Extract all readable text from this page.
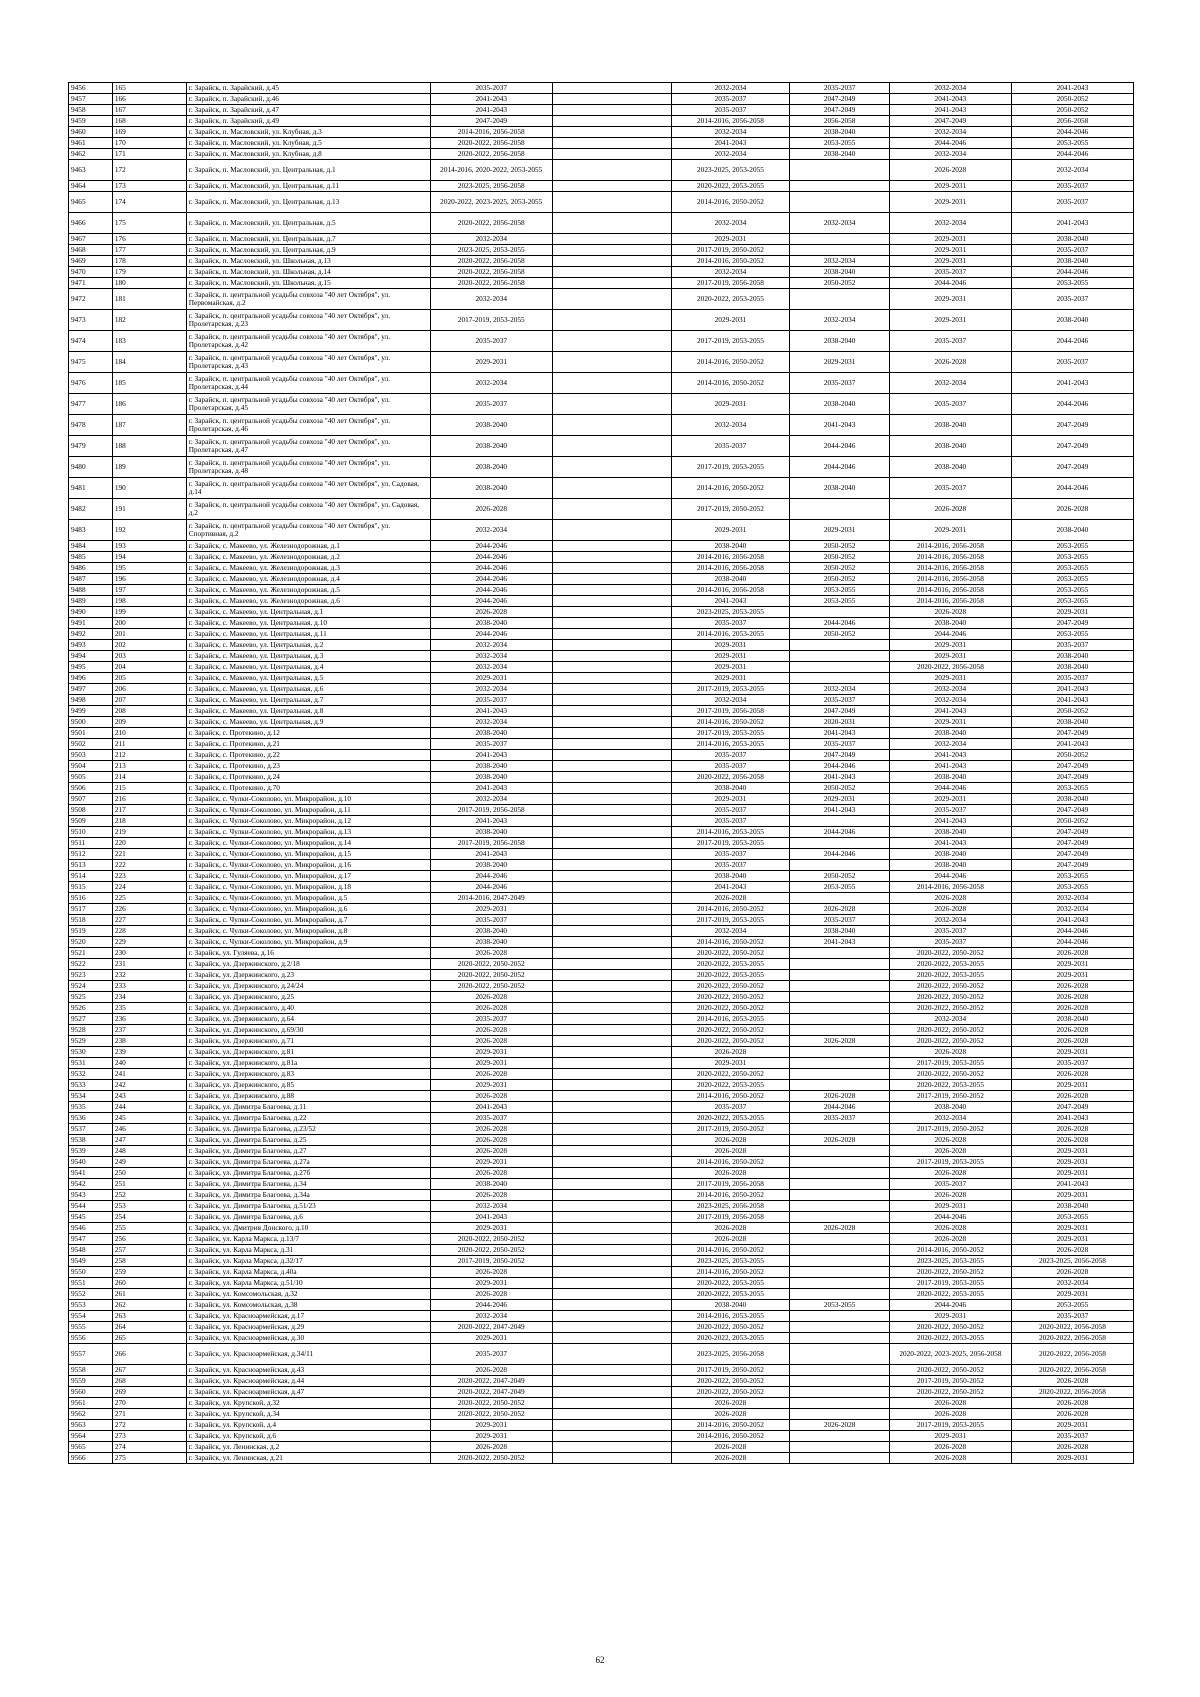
9456	165	г. Зарайск, п. Зарайский, д.45	2035-2037		2032-2034	2035-2037	2032-2034	2041-2043
9457	166	г. Зарайск, п. Зарайский, д.46	2041-2043		2035-2037	2047-2049	2041-2043	2050-2052
9458	167	г. Зарайск, п. Зарайский, д.47	2041-2043		2035-2037	2047-2049	2041-2043	2050-2052
9459	168	г. Зарайск, п. Зарайский, д.49	2047-2049		2014-2016, 2056-2058	2056-2058	2047-2049	2056-2058
9460	169	г. Зарайск, п. Масловский, ул. Клубная, д.3	2014-2016, 2056-2058		2032-2034	2038-2040	2032-2034	2044-2046
9461	170	г. Зарайск, п. Масловский, ул. Клубная, д.5	2020-2022, 2056-2058		2041-2043	2053-2055	2044-2046	2053-2055
9462	171	г. Зарайск, п. Масловский, ул. Клубная, д.8	2020-2022, 2056-2058		2032-2034	2038-2040	2032-2034	2044-2046
9463	172	г. Зарайск, п. Масловский, ул. Центральная, д.1	2014-2016, 2020-2022, 2053-2055		2023-2025, 2053-2055		2026-2028	2032-2034
9464	173	г. Зарайск, п. Масловский, ул. Центральная, д.11	2023-2025, 2056-2058		2020-2022, 2053-2055		2029-2031	2035-2037
9465	174	г. Зарайск, п. Масловский, ул. Центральная, д.13	2020-2022, 2023-2025, 2053-2055		2014-2016, 2050-2052		2029-2031	2035-2037
9466	175	г. Зарайск, п. Масловский, ул. Центральная, д.5	2020-2022, 2056-2058		2032-2034	2032-2034	2032-2034	2041-2043
9467	176	г. Зарайск, п. Масловский, ул. Центральная, д.7	2032-2034		2029-2031		2029-2031	2038-2040
9468	177	г. Зарайск, п. Масловский, ул. Центральная, д.9	2023-2025, 2053-2055		2017-2019, 2050-2052		2029-2031	2035-2037
9469	178	г. Зарайск, п. Масловский, ул. Школьная, д.13	2020-2022, 2056-2058		2014-2016, 2050-2052	2032-2034	2029-2031	2038-2040
9470	179	г. Зарайск, п. Масловский, ул. Школьная, д.14	2020-2022, 2056-2058		2032-2034	2038-2040	2035-2037	2044-2046
9471	180	г. Зарайск, п. Масловский, ул. Школьная, д.15	2020-2022, 2056-2058		2017-2019, 2056-2058	2050-2052	2044-2046	2053-2055
9472	181	г. Зарайск, п. центральной усадьбы совхоза "40 лет Октября", ул. Первомайская, д.2	2032-2034		2020-2022, 2053-2055		2029-2031	2035-2037
9473	182	г. Зарайск, п. центральной усадьбы совхоза "40 лет Октября", ул. Пролетарская, д.23	2017-2019, 2053-2055		2029-2031	2032-2034	2029-2031	2038-2040
9474	183	г. Зарайск, п. центральной усадьбы совхоза "40 лет Октября", ул. Пролетарская, д.42	2035-2037		2017-2019, 2053-2055	2038-2040	2035-2037	2044-2046
9475	184	г. Зарайск, п. центральной усадьбы совхоза "40 лет Октября", ул. Пролетарская, д.43	2029-2031		2014-2016, 2050-2052	2029-2031	2026-2028	2035-2037
9476	185	г. Зарайск, п. центральной усадьбы совхоза "40 лет Октября", ул. Пролетарская, д.44	2032-2034		2014-2016, 2050-2052	2035-2037	2032-2034	2041-2043
9477	186	г. Зарайск, п. центральной усадьбы совхоза "40 лет Октября", ул. Пролетарская, д.45	2035-2037		2029-2031	2038-2040	2035-2037	2044-2046
9478	187	г. Зарайск, п. центральной усадьбы совхоза "40 лет Октября", ул. Пролетарская, д.46	2038-2040		2032-2034	2041-2043	2038-2040	2047-2049
9479	188	г. Зарайск, п. центральной усадьбы совхоза "40 лет Октября", ул. Пролетарская, д.47	2038-2040		2035-2037	2044-2046	2038-2040	2047-2049
9480	189	г. Зарайск, п. центральной усадьбы совхоза "40 лет Октября", ул. Пролетарская, д.48	2038-2040		2017-2019, 2053-2055	2044-2046	2038-2040	2047-2049
9481	190	г. Зарайск, п. центральной усадьбы совхоза "40 лет Октября", ул. Садовая, д.14	2038-2040		2014-2016, 2050-2052	2038-2040	2035-2037	2044-2046
9482	191	г. Зарайск, п. центральной усадьбы совхоза "40 лет Октября", ул. Садовая, д.2	2026-2028		2017-2019, 2050-2052		2026-2028	2026-2028
9483	192	г. Зарайск, п. центральной усадьбы совхоза "40 лет Октября", ул. Спортивная, д.2	2032-2034		2029-2031	2029-2031	2029-2031	2038-2040
9484	193	г. Зарайск, с. Макеево, ул. Железнодорожная, д.1	2044-2046		2038-2040	2050-2052	2014-2016, 2056-2058	2053-2055
9485	194	г. Зарайск, с. Макеево, ул. Железнодорожная, д.2	2044-2046		2014-2016, 2056-2058	2050-2052	2014-2016, 2056-2058	2053-2055
9486	195	г. Зарайск, с. Макеево, ул. Железнодорожная, д.3	2044-2046		2014-2016, 2056-2058	2050-2052	2014-2016, 2056-2058	2053-2055
9487	196	г. Зарайск, с. Макеево, ул. Железнодорожная, д.4	2044-2046		2038-2040	2050-2052	2014-2016, 2056-2058	2053-2055
9488	197	г. Зарайск, с. Макеево, ул. Железнодорожная, д.5	2044-2046		2014-2016, 2056-2058	2053-2055	2014-2016, 2056-2058	2053-2055
9489	198	г. Зарайск, с. Макеево, ул. Железнодорожная, д.6	2044-2046		2041-2043	2053-2055	2014-2016, 2056-2058	2053-2055
9490	199	г. Зарайск, с. Макеево, ул. Центральная, д.1	2026-2028		2023-2025, 2053-2055		2026-2028	2029-2031
9491	200	г. Зарайск, с. Макеево, ул. Центральная, д.10	2038-2040		2035-2037	2044-2046	2038-2040	2047-2049
9492	201	г. Зарайск, с. Макеево, ул. Центральная, д.11	2044-2046		2014-2016, 2053-2055	2050-2052	2044-2046	2053-2055
9493	202	г. Зарайск, с. Макеево, ул. Центральная, д.2	2032-2034		2029-2031		2029-2031	2035-2037
9494	203	г. Зарайск, с. Макеево, ул. Центральная, д.3	2032-2034		2029-2031		2029-2031	2038-2040
9495	204	г. Зарайск, с. Макеево, ул. Центральная, д.4	2032-2034		2029-2031		2020-2022, 2056-2058	2038-2040
9496	205	г. Зарайск, с. Макеево, ул. Центральная, д.5	2029-2031		2029-2031		2029-2031	2035-2037
9497	206	г. Зарайск, с. Макеево, ул. Центральная, д.6	2032-2034		2017-2019, 2053-2055	2032-2034	2032-2034	2041-2043
9498	207	г. Зарайск, с. Макеево, ул. Центральная, д.7	2035-2037		2032-2034	2035-2037	2032-2034	2041-2043
9499	208	г. Зарайск, с. Макеево, ул. Центральная, д.8	2041-2043		2017-2019, 2056-2058	2047-2049	2041-2043	2050-2052
9500	209	г. Зарайск, с. Макеево, ул. Центральная, д.9	2032-2034		2014-2016, 2050-2052	2020-2031	2029-2031	2038-2040
9501	210	г. Зарайск, с. Протекино, д.12	2038-2040		2017-2019, 2053-2055	2041-2043	2038-2040	2047-2049
9502	211	г. Зарайск, с. Протекино, д.21	2035-2037		2014-2016, 2053-2055	2035-2037	2032-2034	2041-2043
9503	212	г. Зарайск, с. Протекино, д.22	2041-2043		2035-2037	2047-2049	2041-2043	2050-2052
9504	213	г. Зарайск, с. Протекино, д.23	2038-2040		2035-2037	2044-2046	2041-2043	2047-2049
9505	214	г. Зарайск, с. Протекино, д.24	2038-2040		2020-2022, 2056-2058	2041-2043	2038-2040	2047-2049
9506	215	г. Зарайск, с. Протекино, д.70	2041-2043		2038-2040	2050-2052	2044-2046	2053-2055
9507	216	г. Зарайск, с. Чулки-Соколово, ул. Микрорайон, д.10	2032-2034		2029-2031	2029-2031	2029-2031	2038-2040
9508	217	г. Зарайск, с. Чулки-Соколово, ул. Микрорайон, д.11	2017-2019, 2056-2058		2035-2037	2041-2043	2035-2037	2047-2049
9509	218	г. Зарайск, с. Чулки-Соколово, ул. Микрорайон, д.12	2041-2043		2035-2037		2041-2043	2050-2052
9510	219	г. Зарайск, с. Чулки-Соколово, ул. Микрорайон, д.13	2038-2040		2014-2016, 2053-2055	2044-2046	2038-2040	2047-2049
9511	220	г. Зарайск, с. Чулки-Соколово, ул. Микрорайон, д.14	2017-2019, 2056-2058		2017-2019, 2053-2055		2041-2043	2047-2049
9512	221	г. Зарайск, с. Чулки-Соколово, ул. Микрорайон, д.15	2041-2043		2035-2037	2044-2046	2038-2040	2047-2049
9513	222	г. Зарайск, с. Чулки-Соколово, ул. Микрорайон, д.16	2038-2040		2035-2037		2038-2040	2047-2049
9514	223	г. Зарайск, с. Чулки-Соколово, ул. Микрорайон, д.17	2044-2046		2038-2040	2050-2052	2044-2046	2053-2055
9515	224	г. Зарайск, с. Чулки-Соколово, ул. Микрорайон, д.18	2044-2046		2041-2043	2053-2055	2014-2016, 2056-2058	2053-2055
9516	225	г. Зарайск, с. Чулки-Соколово, ул. Микрорайон, д.5	2014-2016, 2047-2049		2026-2028		2026-2028	2032-2034
9517	226	г. Зарайск, с. Чулки-Соколово, ул. Микрорайон, д.6	2029-2031		2014-2016, 2050-2052	2026-2028	2026-2028	2032-2034
9518	227	г. Зарайск, с. Чулки-Соколово, ул. Микрорайон, д.7	2035-2037		2017-2019, 2053-2055	2035-2037	2032-2034	2041-2043
9519	228	г. Зарайск, с. Чулки-Соколово, ул. Микрорайон, д.8	2038-2040		2032-2034	2038-2040	2035-2037	2044-2046
9520	229	г. Зарайск, с. Чулки-Соколово, ул. Микрорайон, д.9	2038-2040		2014-2016, 2050-2052	2041-2043	2035-2037	2044-2046
9521	230	г. Зарайск, ул. Гуляева, д.16	2026-2028		2020-2022, 2050-2052		2020-2022, 2050-2052	2026-2028
9522	231	г. Зарайск, ул. Дзержинского, д.2/18	2020-2022, 2050-2052		2020-2022, 2053-2055		2020-2022, 2053-2055	2029-2031
9523	232	г. Зарайск, ул. Дзержинского, д.23	2020-2022, 2050-2052		2020-2022, 2053-2055		2020-2022, 2053-2055	2029-2031
9524	233	г. Зарайск, ул. Дзержинского, д.24/24	2020-2022, 2050-2052		2020-2022, 2050-2052		2020-2022, 2050-2052	2026-2028
9525	234	г. Зарайск, ул. Дзержинского, д.25	2026-2028		2020-2022, 2050-2052		2020-2022, 2050-2052	2026-2028
9526	235	г. Зарайск, ул. Дзержинского, д.40	2026-2028		2020-2022, 2050-2052		2020-2022, 2050-2052	2026-2028
9527	236	г. Зарайск, ул. Дзержинского, д.64	2035-2037		2014-2016, 2053-2055		2032-2034	2038-2040
9528	237	г. Зарайск, ул. Дзержинского, д.69/30	2026-2028		2020-2022, 2050-2052		2020-2022, 2050-2052	2026-2028
9529	238	г. Зарайск, ул. Дзержинского, д.71	2026-2028		2020-2022, 2050-2052	2026-2028	2020-2022, 2050-2052	2026-2028
9530	239	г. Зарайск, ул. Дзержинского, д.81	2029-2031		2026-2028		2026-2028	2029-2031
9531	240	г. Зарайск, ул. Дзержинского, д.81а	2029-2031		2029-2031		2017-2019, 2053-2055	2035-2037
9532	241	г. Зарайск, ул. Дзержинского, д.83	2026-2028		2020-2022, 2050-2052		2020-2022, 2050-2052	2026-2028
9533	242	г. Зарайск, ул. Дзержинского, д.85	2029-2031		2020-2022, 2053-2055		2020-2022, 2053-2055	2029-2031
9534	243	г. Зарайск, ул. Дзержинского, д.88	2026-2028		2014-2016, 2050-2052	2026-2028	2017-2019, 2050-2052	2026-2028
9535	244	г. Зарайск, ул. Димитра Благоева, д.11	2041-2043		2035-2037	2044-2046	2038-2040	2047-2049
9536	245	г. Зарайск, ул. Димитра Благоева, д.22	2035-2037		2020-2022, 2053-2055	2035-2037	2032-2034	2041-2043
9537	246	г. Зарайск, ул. Димитра Благоева, д.23/52	2026-2028		2017-2019, 2050-2052		2017-2019, 2050-2052	2026-2028
9538	247	г. Зарайск, ул. Димитра Благоева, д.25	2026-2028		2026-2028	2026-2028	2026-2028	2026-2028
9539	248	г. Зарайск, ул. Димитра Благоева, д.27	2026-2028		2026-2028		2026-2028	2029-2031
9540	249	г. Зарайск, ул. Димитра Благоева, д.27а	2029-2031		2014-2016, 2050-2052		2017-2019, 2053-2055	2029-2031
9541	250	г. Зарайск, ул. Димитра Благоева, д.27б	2026-2028		2026-2028		2026-2028	2029-2031
9542	251	г. Зарайск, ул. Димитра Благоева, д.34	2038-2040		2017-2019, 2056-2058		2035-2037	2041-2043
9543	252	г. Зарайск, ул. Димитра Благоева, д.34а	2026-2028		2014-2016, 2050-2052		2026-2028	2029-2031
9544	253	г. Зарайск, ул. Димитра Благоева, д.51/23	2032-2034		2023-2025, 2056-2058		2029-2031	2038-2040
9545	254	г. Зарайск, ул. Димитра Благоева, д.6	2041-2043		2017-2019, 2056-2058		2044-2046	2053-2055
9546	255	г. Зарайск, ул. Дмитрия Донского, д.10	2029-2031		2026-2028	2026-2028	2026-2028	2029-2031
9547	256	г. Зарайск, ул. Карла Маркса, д.13/7	2020-2022, 2050-2052		2026-2028		2026-2028	2029-2031
9548	257	г. Зарайск, ул. Карла Маркса, д.31	2020-2022, 2050-2052		2014-2016, 2050-2052		2014-2016, 2050-2052	2026-2028
9549	258	г. Зарайск, ул. Карла Маркса, д.32/17	2017-2019, 2050-2052		2023-2025, 2053-2055		2023-2025, 2053-2055	2023-2025, 2056-2058
9550	259	г. Зарайск, ул. Карла Маркса, д.40а	2026-2028		2014-2016, 2050-2052		2020-2022, 2050-2052	2026-2028
9551	260	г. Зарайск, ул. Карла Маркса, д.51/10	2029-2031		2020-2022, 2053-2055		2017-2019, 2053-2055	2032-2034
9552	261	г. Зарайск, ул. Комсомольская, д.32	2026-2028		2020-2022, 2053-2055		2020-2022, 2053-2055	2029-2031
9553	262	г. Зарайск, ул. Комсомольская, д.38	2044-2046		2038-2040	2053-2055	2044-2046	2053-2055
9554	263	г. Зарайск, ул. Красноармейская, д.17	2032-2034		2014-2016, 2053-2055		2029-2031	2035-2037
9555	264	г. Зарайск, ул. Красноармейская, д.29	2020-2022, 2047-2049		2020-2022, 2050-2052		2020-2022, 2050-2052	2020-2022, 2056-2058
9556	265	г. Зарайск, ул. Красноармейская, д.30	2029-2031		2020-2022, 2053-2055		2020-2022, 2053-2055	2020-2022, 2056-2058
9557	266	г. Зарайск, ул. Красноармейская, д.34/11	2035-2037		2023-2025, 2056-2058		2020-2022, 2023-2025, 2056-2058	2020-2022, 2056-2058
9558	267	г. Зарайск, ул. Красноармейская, д.43	2026-2028		2017-2019, 2050-2052		2020-2022, 2050-2052	2020-2022, 2056-2058
9559	268	г. Зарайск, ул. Красноармейская, д.44	2020-2022, 2047-2049		2020-2022, 2050-2052		2017-2019, 2050-2052	2026-2028
9560	269	г. Зарайск, ул. Красноармейская, д.47	2020-2022, 2047-2049		2020-2022, 2050-2052		2020-2022, 2050-2052	2020-2022, 2056-2058
9561	270	г. Зарайск, ул. Крупской, д.32	2020-2022, 2050-2052		2026-2028		2026-2028	2026-2028
9562	271	г. Зарайск, ул. Крупской, д.34	2020-2022, 2050-2052		2026-2028		2026-2028	2026-2028
9563	272	г. Зарайск, ул. Крупской, д.4	2029-2031		2014-2016, 2050-2052	2026-2028	2017-2019, 2053-2055	2029-2031
9564	273	г. Зарайск, ул. Крупской, д.6	2029-2031		2014-2016, 2050-2052		2029-2031	2035-2037
9565	274	г. Зарайск, ул. Ленинская, д.2	2026-2028		2026-2028		2026-2028	2026-2028
9566	275	г. Зарайск, ул. Ленинская, д.21	2020-2022, 2050-2052		2026-2028		2026-2028	2029-2031
62
